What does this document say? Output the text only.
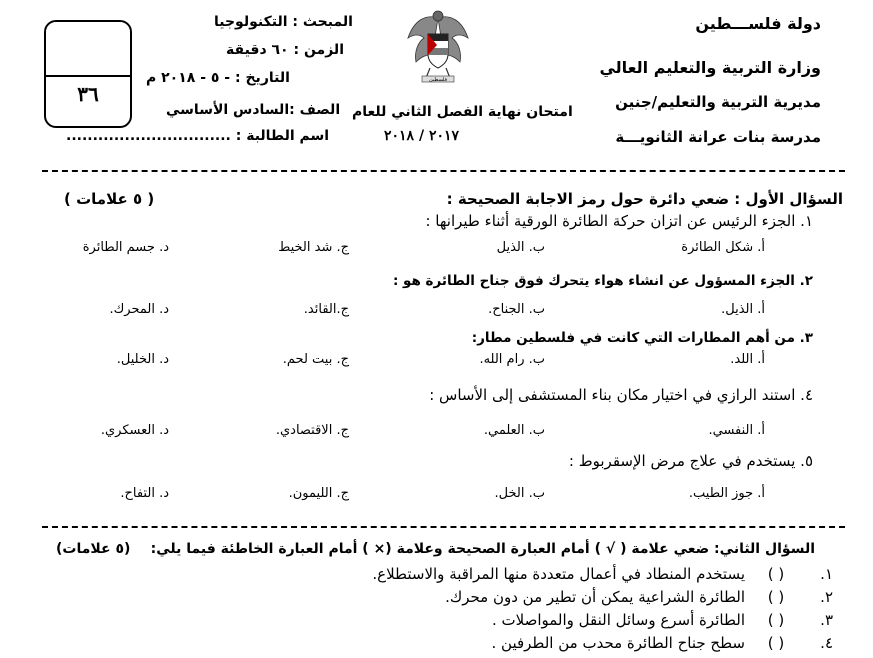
دولة فلســـطين
وزارة التربية والتعليم العالي
مديرية التربية والتعليم/جنين
مدرسة بنات عرانة الثانويـــة
فلسطين
امتحان نهاية الفصل الثاني للعام
٢٠١٧ / ٢٠١٨
المبحث : التكنولوجيا
الزمن : ٦٠ دقيقة
التاريخ : - ٥ - ٢٠١٨ م
الصف :السادس الأساسي
اسم الطالبة : ...............................
٣٦
السؤال الأول : ضعي دائرة حول رمز الاجابة الصحيحة :
( ٥ علامات )
١. الجزء الرئيس عن اتزان حركة الطائرة الورقية أثناء طيرانها :
أ. شكل الطائرة
ب. الذيل
ج. شد الخيط
د. جسم الطائرة
٢. الجزء المسؤول عن انشاء هواء يتحرك فوق جناح الطائرة هو :
أ. الذيل.
ب. الجناح.
ج.القائد.
د. المحرك.
٣. من أهم المطارات التي كانت في فلسطين مطار:
أ. اللد.
ب. رام الله.
ج. بيت لحم.
د. الخليل.
٤. استند الرازي في اختيار مكان بناء المستشفى إلى الأساس :
أ. النفسي.
ب. العلمي.
ج. الاقتصادي.
د. العسكري.
٥. يستخدم في علاج مرض الإسقربوط :
أ. جوز الطيب.
ب. الخل.
ج. الليمون.
د. التفاح.
السؤال الثاني: ضعي علامة ( √ ) أمام العبارة الصحيحة وعلامة (× ) أمام العبارة الخاطئة فيما يلي:
(٥ علامات)
١.( )يستخدم المنطاد في أعمال متعددة منها المراقبة والاستطلاع.
٢.( )الطائرة الشراعية يمكن أن تطير من دون محرك.
٣.( )الطائرة أسرع وسائل النقل والمواصلات .
٤.( )سطح جناح الطائرة محدب من الطرفين .
